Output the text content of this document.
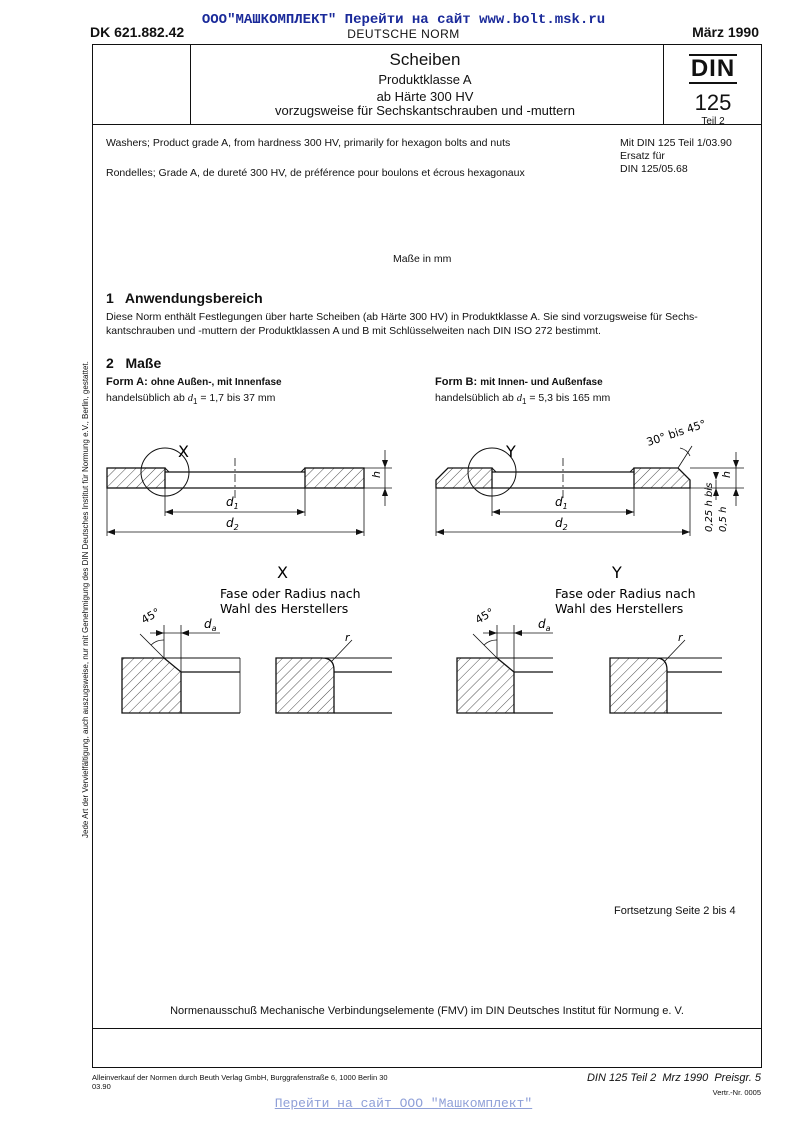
ООО"МАШКОМПЛЕКТ" Перейти на сайт www.bolt.msk.ru
DK 621.882.42	DEUTSCHE NORM	März 1990
Scheiben
Produktklasse A
ab Härte 300 HV
vorzugsweise für Sechskantschrauben und -muttern
DIN
125
Teil 2
Washers; Product grade A, from hardness 300 HV, primarily for hexagon bolts and nuts
Rondelles; Grade A, de dureté 300 HV, de préférence pour boulons et écrous hexagonaux
Mit DIN 125 Teil 1/03.90
Ersatz für
DIN 125/05.68
Maße in mm
1   Anwendungsbereich
Diese Norm enthält Festlegungen über harte Scheiben (ab Härte 300 HV) in Produktklasse A. Sie sind vorzugsweise für Sechs-
kantschrauben und -muttern der Produktklassen A und B mit Schlüsselweiten nach DIN ISO 272 bestimmt.
2   Maße
Form A: ohne Außen-, mit Innenfase
handelsüblich ab $d_1 = 1,7$ bis 37 mm
Form B: mit Innen- und Außenfase
handelsüblich ab $d_1 = 5,3$ bis 165 mm
X
h
$d_1$
$d_2$
Y
30° bis 45°
h
0,25 h bis 0,5 h
$d_1$
$d_2$
X
Fase oder Radius nach
Wahl des Herstellers
45°	$d_a$
r
Y
Fase oder Radius nach
Wahl des Herstellers
45°	$d_a$
r
Fortsetzung Seite 2 bis 4
Normenausschuß Mechanische Verbindungselemente (FMV) im DIN Deutsches Institut für Normung e. V.
Alleinverkauf der Normen durch Beuth Verlag GmbH, Burggrafenstraße 6, 1000 Berlin 30
03.90
DIN 125 Teil 2  Mrz 1990  Preisgr. 5
Vertr.-Nr. 0005
Jede Art der Vervielfältigung, auch auszugsweise, nur mit Genehmigung des DIN Deutsches Institut für Normung e.V., Berlin, gestattet.
Перейти на сайт ООО "Машкомплект"
